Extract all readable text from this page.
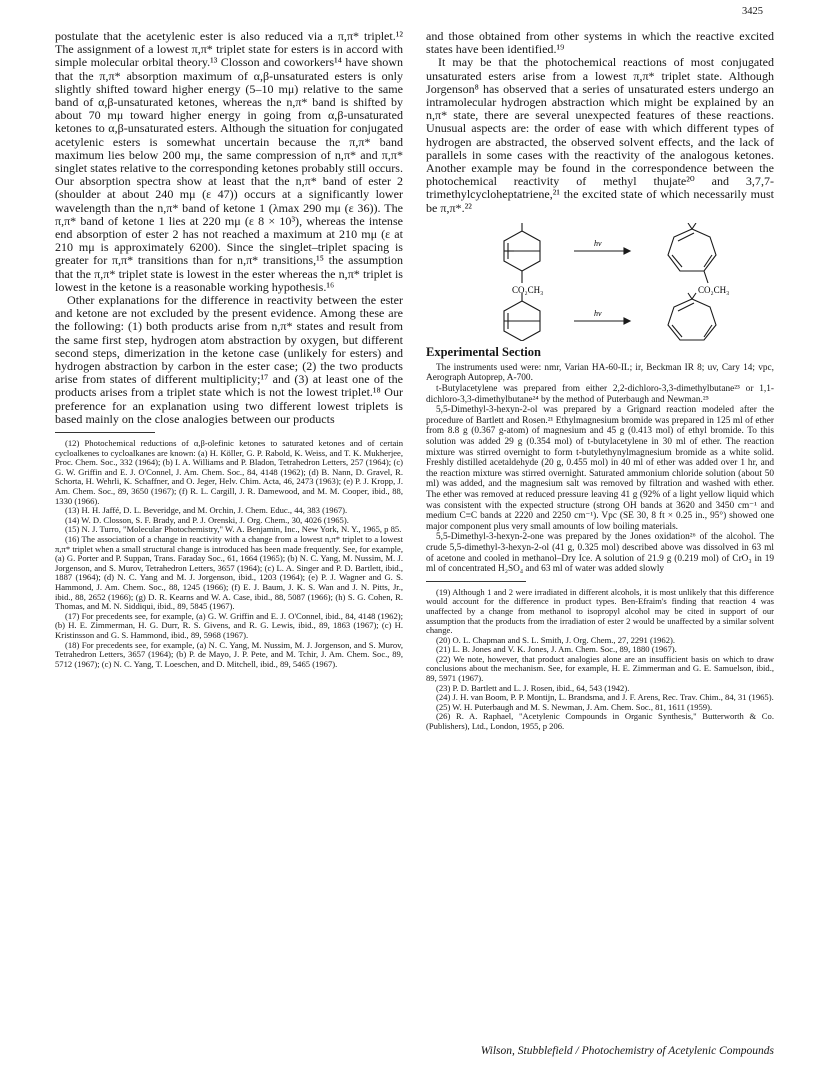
3425

postulate that the acetylenic ester is also reduced via a π,π* triplet.¹² The assignment of a lowest π,π* triplet state for esters is in accord with simple molecular orbital theory.¹³ Closson and coworkers¹⁴ have shown that the π,π* absorption maximum of α,β-unsaturated esters is only slightly shifted toward higher energy (5–10 mμ) relative to the same band of α,β-unsaturated ketones, whereas the n,π* band is shifted by about 70 mμ toward higher energy in going from α,β-unsaturated ketones to α,β-unsaturated esters. Although the situation for conjugated acetylenic esters is somewhat uncertain because the π,π* band maximum lies below 200 mμ, the same compression of n,π* and π,π* singlet states relative to the corresponding ketones probably still occurs. Our absorption spectra show at least that the n,π* band of ester 2 (shoulder at about 240 mμ (ε 47)) occurs at a significantly lower wavelength than the n,π* band of ketone 1 (λmax 290 mμ (ε 36)). The π,π* band of ketone 1 lies at 220 mμ (ε 8 × 10³), whereas the intense end absorption of ester 2 has not reached a maximum at 210 mμ (ε at 210 mμ is approximately 6200). Since the singlet–triplet spacing is greater for π,π* transitions than for n,π* transitions,¹⁵ the assumption that the π,π* triplet state is lowest in the ester whereas the n,π* triplet is lowest in the ketone is a reasonable working hypothesis.¹⁶

Other explanations for the difference in reactivity between the ester and ketone are not excluded by the present evidence. Among these are the following: (1) both products arise from n,π* states and result from the same first step, hydrogen atom abstraction by oxygen, but different second steps, dimerization in the ketone case (unlikely for esters) and hydrogen abstraction by carbon in the ester case; (2) the two products arise from states of different multiplicity;¹⁷ and (3) at least one of the products arises from a triplet state which is not the lowest triplet.¹⁸ Our preference for an explanation using two different lowest triplets is based mainly on the close analogies between our products

(12) Photochemical reductions of α,β-olefinic ketones to saturated ketones and of certain cycloalkenes to cycloalkanes are known: (a) H. Köller, G. P. Rabold, K. Weiss, and T. K. Mukherjee, Proc. Chem. Soc., 332 (1964); (b) I. A. Williams and P. Bladon, Tetrahedron Letters, 257 (1964); (c) G. W. Griffin and E. J. O'Connel, J. Am. Chem. Soc., 84, 4148 (1962); (d) B. Nann, D. Gravel, R. Schorta, H. Wehrli, K. Schaffner, and O. Jeger, Helv. Chim. Acta, 46, 2473 (1963); (e) P. J. Kropp, J. Am. Chem. Soc., 89, 3650 (1967); (f) R. L. Cargill, J. R. Damewood, and M. M. Cooper, ibid., 88, 1330 (1966).

(13) H. H. Jaffé, D. L. Beveridge, and M. Orchin, J. Chem. Educ., 44, 383 (1967).

(14) W. D. Closson, S. F. Brady, and P. J. Orenski, J. Org. Chem., 30, 4026 (1965).

(15) N. J. Turro, "Molecular Photochemistry," W. A. Benjamin, Inc., New York, N. Y., 1965, p 85.

(16) The association of a change in reactivity with a change from a lowest n,π* triplet to a lowest π,π* triplet when a small structural change is introduced has been made frequently. See, for example, (a) G. Porter and P. Suppan, Trans. Faraday Soc., 61, 1664 (1965); (b) N. C. Yang, M. Nussim, M. J. Jorgenson, and S. Murov, Tetrahedron Letters, 3657 (1964); (c) L. A. Singer and P. D. Bartlett, ibid., 1887 (1964); (d) N. C. Yang and M. J. Jorgenson, ibid., 1203 (1964); (e) P. J. Wagner and G. S. Hammond, J. Am. Chem. Soc., 88, 1245 (1966); (f) E. J. Baum, J. K. S. Wan and J. N. Pitts, Jr., ibid., 88, 2652 (1966); (g) D. R. Kearns and W. A. Case, ibid., 88, 5087 (1966); (h) S. G. Cohen, R. Thomas, and M. N. Siddiqui, ibid., 89, 5845 (1967).

(17) For precedents see, for example, (a) G. W. Griffin and E. J. O'Connel, ibid., 84, 4148 (1962); (b) H. E. Zimmerman, H. G. Durr, R. S. Givens, and R. G. Lewis, ibid., 89, 1863 (1967); (c) H. Kristinsson and G. S. Hammond, ibid., 89, 5968 (1967).

(18) For precedents see, for example, (a) N. C. Yang, M. Nussim, M. J. Jorgenson, and S. Murov, Tetrahedron Letters, 3657 (1964); (b) P. de Mayo, J. P. Pete, and M. Tchir, J. Am. Chem. Soc., 89, 5712 (1967); (c) N. C. Yang, T. Loeschen, and D. Mitchell, ibid., 89, 5465 (1967).

and those obtained from other systems in which the reactive excited states have been identified.¹⁹

It may be that the photochemical reactions of most conjugated unsaturated esters arise from a lowest π,π* triplet state. Although Jorgenson⁸ has observed that a series of unsaturated esters undergo an intramolecular hydrogen abstraction which might be explained by an n,π* state, there are several unexpected features of these reactions. Unusual aspects are: the order of ease with which different types of hydrogen are abstracted, the observed solvent effects, and the lack of parallels in some cases with the reactivity of the analogous ketones. Another example may be found in the correspondence between the photochemical reactivity of methyl thujate²⁰ and 3,7,7-trimethylcycloheptatriene,²¹ the excited state of which necessarily must be π,π*.²²

hν
hν
CO₂CH₃	CO₂CH₃
Experimental Section

The instruments used were: nmr, Varian HA-60-IL; ir, Beckman IR 8; uv, Cary 14; vpc, Aerograph Autoprep, A-700.

t-Butylacetylene was prepared from either 2,2-dichloro-3,3-dimethylbutane²³ or 1,1-dichloro-3,3-dimethylbutane²⁴ by the method of Puterbaugh and Newman.²⁵

5,5-Dimethyl-3-hexyn-2-ol was prepared by a Grignard reaction modeled after the procedure of Bartlett and Rosen.²¹ Ethylmagnesium bromide was prepared in 125 ml of ether from 8.8 g (0.367 g-atom) of magnesium and 45 g (0.413 mol) of ethyl bromide. To this solution was added 29 g (0.354 mol) of t-butylacetylene in 30 ml of ether. The reaction mixture was stirred overnight to form t-butylethynylmagnesium bromide as a white solid. Freshly distilled acetaldehyde (20 g, 0.455 mol) in 40 ml of ether was added over 1 hr, and the reaction mixture was stirred overnight. Saturated ammonium chloride solution (about 50 ml) was added, and the magnesium salt was removed by filtration and washed with ether. The ether was removed at reduced pressure leaving 41 g (92% of a light yellow liquid which was consistent with the expected structure (strong OH bands at 3620 and 3450 cm⁻¹ and medium C≡C bands at 2220 and 2250 cm⁻¹). Vpc (SE 30, 8 ft × 0.25 in., 95°) showed one major component plus very small amounts of low boiling materials.

5,5-Dimethyl-3-hexyn-2-one was prepared by the Jones oxidation²⁶ of the alcohol. The crude 5,5-dimethyl-3-hexyn-2-ol (41 g, 0.325 mol) described above was dissolved in 63 ml of acetone and cooled in methanol–Dry Ice. A solution of 21.9 g (0.219 mol) of CrO₃ in 19 ml of concentrated H₂SO₄ and 63 ml of water was added slowly

(19) Although 1 and 2 were irradiated in different alcohols, it is most unlikely that this difference would account for the difference in product types. Ben-Efraim's finding that reaction 4 was unaffected by a change from methanol to isopropyl alcohol may be cited in support of our assumption that the products from the irradiation of ester 2 would be unaffected by a similar solvent change.

(20) O. L. Chapman and S. L. Smith, J. Org. Chem., 27, 2291 (1962).

(21) L. B. Jones and V. K. Jones, J. Am. Chem. Soc., 89, 1880 (1967).

(22) We note, however, that product analogies alone are an insufficient basis on which to draw conclusions about the mechanism. See, for example, H. E. Zimmerman and G. E. Samuelson, ibid., 89, 5971 (1967).

(23) P. D. Bartlett and L. J. Rosen, ibid., 64, 543 (1942).

(24) J. H. van Boom, P. P. Montijn, L. Brandsma, and J. F. Arens, Rec. Trav. Chim., 84, 31 (1965).

(25) W. H. Puterbaugh and M. S. Newman, J. Am. Chem. Soc., 81, 1611 (1959).

(26) R. A. Raphael, "Acetylenic Compounds in Organic Synthesis," Butterworth & Co. (Publishers), Ltd., London, 1955, p 206.

Wilson, Stubblefield / Photochemistry of Acetylenic Compounds
